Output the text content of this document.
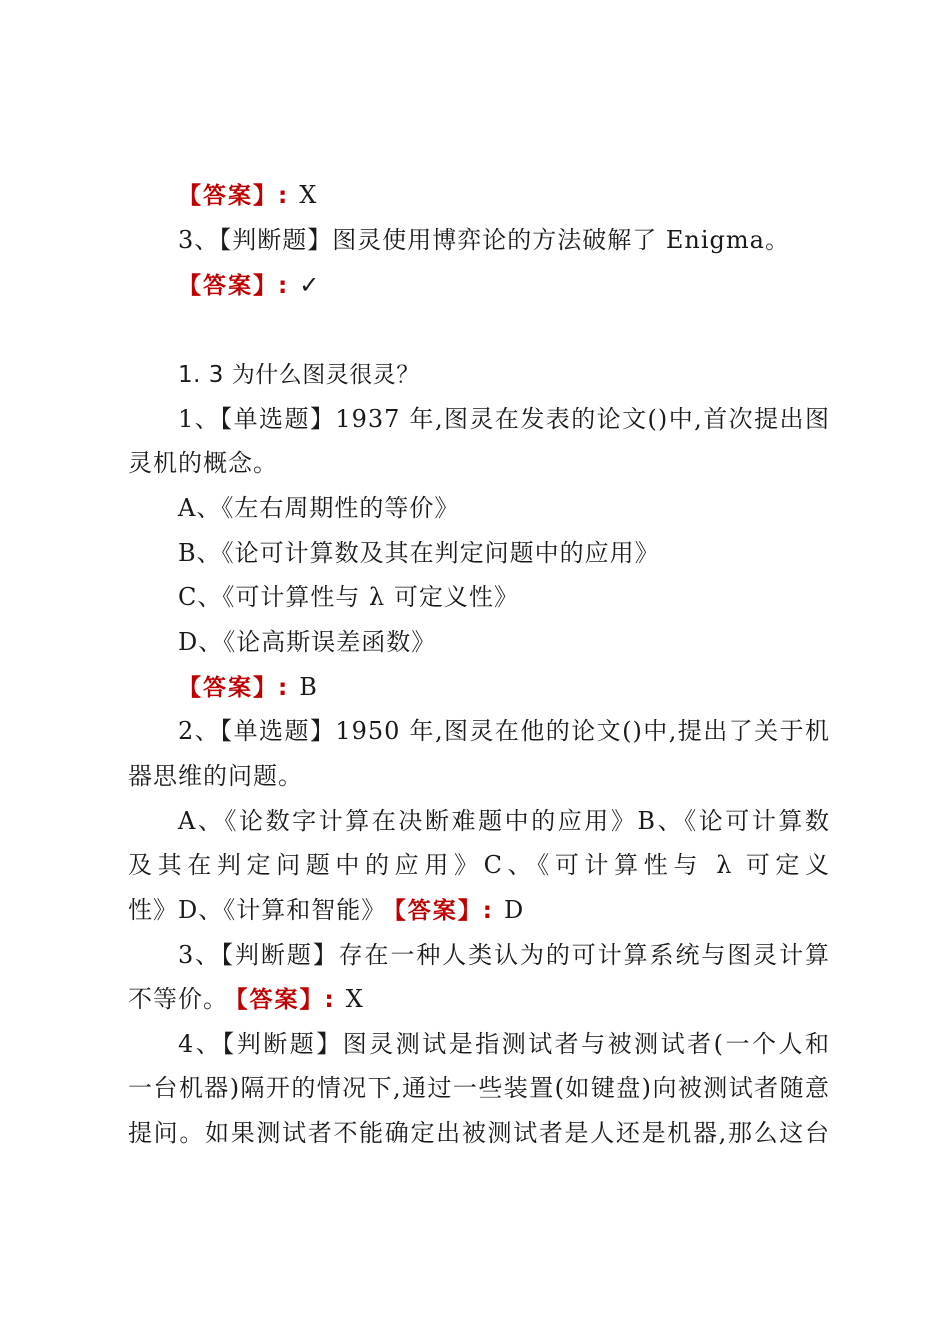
【答案】: X
3、【判断题】图灵使用博弈论的方法破解了 Enigma。
【答案】: ✓
1. 3 为什么图灵很灵？
1、【单选题】1937 年,图灵在发表的论文()中,首次提出图
灵机的概念。
A、《左右周期性的等价》
B、《论可计算数及其在判定问题中的应用》
C、《可计算性与 λ 可定义性》
D、《论高斯误差函数》
【答案】: B
2、【单选题】1950 年,图灵在他的论文()中,提出了关于机
器思维的问题。
A、《论数字计算在决断难题中的应用》B、《论可计算数
及其在判定问题中的应用》C、《可计算性与 λ 可定义
性》D、《计算和智能》 【答案】: D
3、【判断题】存在一种人类认为的可计算系统与图灵计算
不等价。 【答案】: X
4、【判断题】图灵测试是指测试者与被测试者(一个人和
一台机器)隔开的情况下,通过一些装置(如键盘)向被测试者随意
提问。如果测试者不能确定出被测试者是人还是机器,那么这台
